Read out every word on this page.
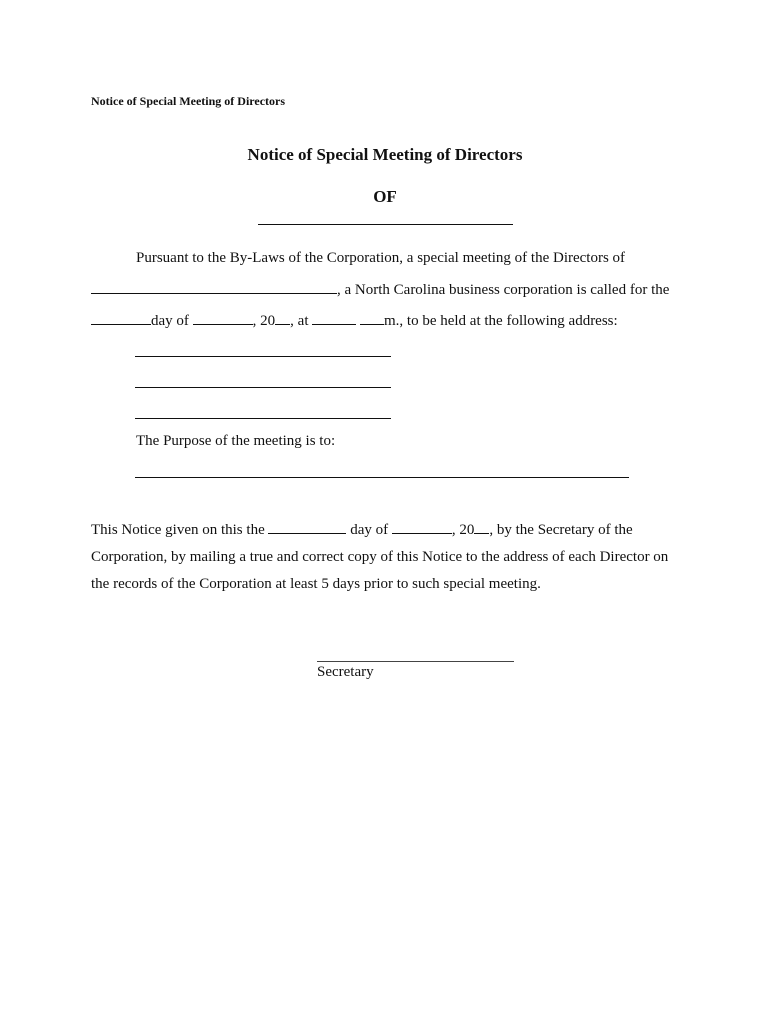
Notice of Special Meeting of Directors
Notice of Special Meeting of Directors
OF
Pursuant to the By-Laws of the Corporation, a special meeting of the Directors of
, a North Carolina business corporation is called for the
day of	, 20 , at	m., to be held at the following address:
The Purpose of the meeting is to:
This Notice given on this the	day of	, 20 , by the Secretary of the
Corporation, by mailing a true and correct copy of this Notice to the address of each Director on
the records of the Corporation at least 5 days prior to such special meeting.
Secretary
